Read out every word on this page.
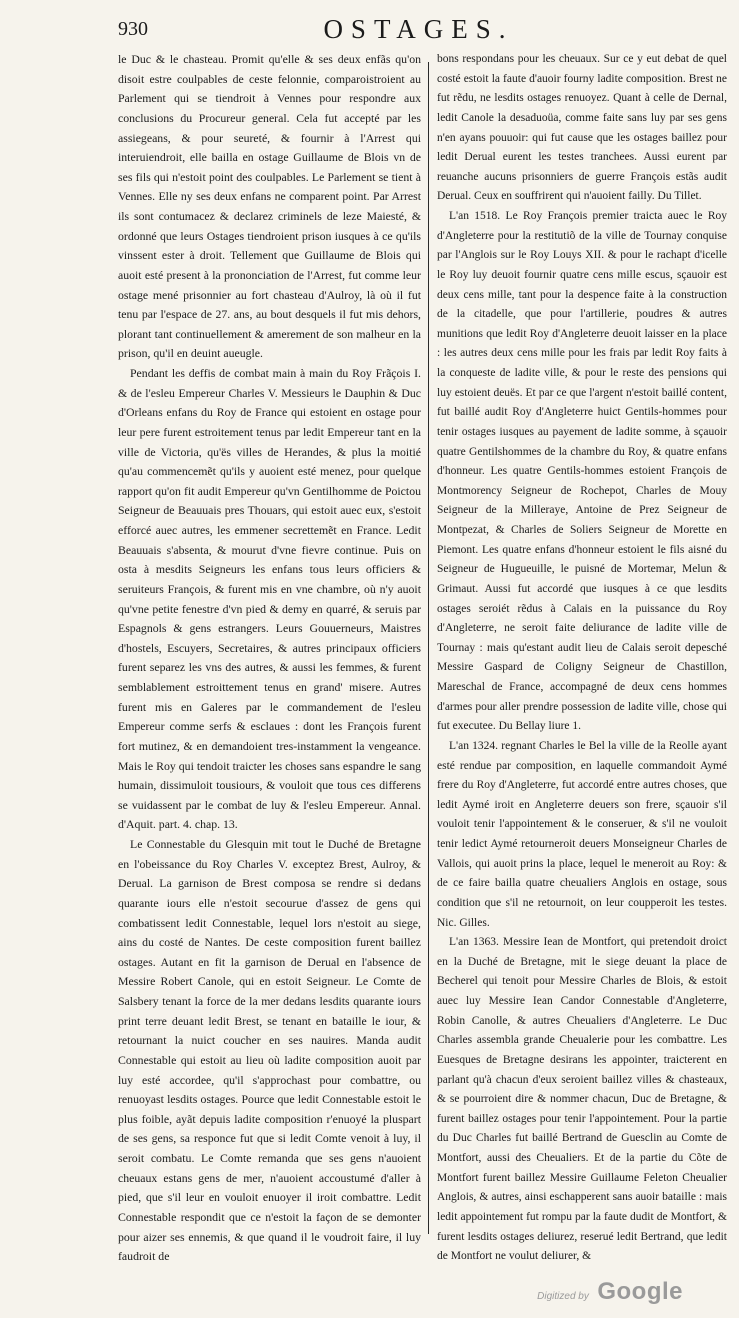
930	OSTAGES.

le Duc & le chasteau. Promit qu'elle & ses deux enfãs qu'on disoit estre coulpables de ceste felonnie, comparoistroient au Parlement qui se tiendroit à Vennes pour respondre aux conclusions du Procureur general. Cela fut accepté par les assiegeans, & pour seureté, & fournir à l'Arrest qui interuiendroit, elle bailla en ostage Guillaume de Blois vn de ses fils qui n'estoit point des coulpables. Le Parlement se tient à Vennes. Elle ny ses deux enfans ne comparent point. Par Arrest ils sont contumacez & declarez criminels de leze Maiesté, & ordonné que leurs Ostages tiendroient prison iusques à ce qu'ils vinssent ester à droit. Tellement que Guillaume de Blois qui auoit esté present à la prononciation de l'Arrest, fut comme leur ostage mené prisonnier au fort chasteau d'Aulroy, là où il fut tenu par l'espace de 27. ans, au bout desquels il fut mis dehors, plorant tant continuellement & amerement de son malheur en la prison, qu'il en deuint aueugle.

Pendant les deffis de combat main à main du Roy Frãçois I. & de l'esleu Empereur Charles V. Messieurs le Dauphin & Duc d'Orleans enfans du Roy de France qui estoient en ostage pour leur pere furent estroitement tenus par ledit Empereur tant en la ville de Victoria, qu'ës villes de Herandes, & plus la moitié qu'au commencemẽt qu'ils y auoient esté menez, pour quelque rapport qu'on fit audit Empereur qu'vn Gentilhomme de Poictou Seigneur de Beauuais pres Thouars, qui estoit auec eux, s'estoit efforcé auec autres, les emmener secrettemẽt en France. Ledit Beauuais s'absenta, & mourut d'vne fievre continue. Puis on osta à mesdits Seigneurs les enfans tous leurs officiers & seruiteurs François, & furent mis en vne chambre, où n'y auoit qu'vne petite fenestre d'vn pied & demy en quarré, & seruis par Espagnols & gens estrangers. Leurs Gouuerneurs, Maistres d'hostels, Escuyers, Secretaires, & autres principaux officiers furent separez les vns des autres, & aussi les femmes, & furent semblablement estroittement tenus en grand' misere. Autres furent mis en Galeres par le commandement de l'esleu Empereur comme serfs & esclaues : dont les François furent fort mutinez, & en demandoient tres-instamment la vengeance. Mais le Roy qui tendoit traicter les choses sans espandre le sang humain, dissimuloit tousiours, & vouloit que tous ces differens se vuidassent par le combat de luy & l'esleu Empereur. Annal. d'Aquit. part. 4. chap. 13.

Le Connestable du Glesquin mit tout le Duché de Bretagne en l'obeissance du Roy Charles V. exceptez Brest, Aulroy, & Derual. La garnison de Brest composa se rendre si dedans quarante iours elle n'estoit secourue d'assez de gens qui combatissent ledit Connestable, lequel lors n'estoit au siege, ains du costé de Nantes. De ceste composition furent baillez ostages. Autant en fit la garnison de Derual en l'absence de Messire Robert Canole, qui en estoit Seigneur. Le Comte de Salsbery tenant la force de la mer dedans lesdits quarante iours print terre deuant ledit Brest, se tenant en bataille le iour, & retournant la nuict coucher en ses nauires. Manda audit Connestable qui estoit au lieu où ladite composition auoit par luy esté accordee, qu'il s'approchast pour combattre, ou renuoyast lesdits ostages. Pource que ledit Connestable estoit le plus foible, ayãt depuis ladite composition r'enuoyé la pluspart de ses gens, sa responce fut que si ledit Comte venoit à luy, il seroit combatu. Le Comte remanda que ses gens n'auoient cheuaux estans gens de mer, n'auoient accoustumé d'aller à pied, que s'il leur en vouloit enuoyer il iroit combattre. Ledit Connestable respondit que ce n'estoit la façon de se demonter pour aizer ses ennemis, & que quand il le voudroit faire, il luy faudroit de

bons respondans pour les cheuaux. Sur ce y eut debat de quel costé estoit la faute d'auoir fourny ladite composition. Brest ne fut rẽdu, ne lesdits ostages renuoyez. Quant à celle de Dernal, ledit Canole la desaduoüa, comme faite sans luy par ses gens n'en ayans pouuoir: qui fut cause que les ostages baillez pour ledit Derual eurent les testes tranchees. Aussi eurent par reuanche aucuns prisonniers de guerre François estãs audit Derual. Ceux en souffrirent qui n'auoient failly. Du Tillet.

L'an 1518. Le Roy François premier traicta auec le Roy d'Angleterre pour la restitutiõ de la ville de Tournay conquise par l'Anglois sur le Roy Louys XII. & pour le rachapt d'icelle le Roy luy deuoit fournir quatre cens mille escus, sçauoir est deux cens mille, tant pour la despence faite à la construction de la citadelle, que pour l'artillerie, poudres & autres munitions que ledit Roy d'Angleterre deuoit laisser en la place : les autres deux cens mille pour les frais par ledit Roy faits à la conqueste de ladite ville, & pour le reste des pensions qui luy estoient deuës. Et par ce que l'argent n'estoit baillé content, fut baillé audit Roy d'Angleterre huict Gentils-hommes pour tenir ostages iusques au payement de ladite somme, à sçauoir quatre Gentilshommes de la chambre du Roy, & quatre enfans d'honneur. Les quatre Gentils-hommes estoient François de Montmorency Seigneur de Rochepot, Charles de Mouy Seigneur de la Milleraye, Antoine de Prez Seigneur de Montpezat, & Charles de Soliers Seigneur de Morette en Piemont. Les quatre enfans d'honneur estoient le fils aisné du Seigneur de Hugueuille, le puisné de Mortemar, Melun & Grimaut. Aussi fut accordé que iusques à ce que lesdits ostages seroiét rẽdus à Calais en la puissance du Roy d'Angleterre, ne seroit faite deliurance de ladite ville de Tournay : mais qu'estant audit lieu de Calais seroit depesché Messire Gaspard de Coligny Seigneur de Chastillon, Mareschal de France, accompagné de deux cens hommes d'armes pour aller prendre possession de ladite ville, chose qui fut executee. Du Bellay liure 1.

L'an 1324. regnant Charles le Bel la ville de la Reolle ayant esté rendue par composition, en laquelle commandoit Aymé frere du Roy d'Angleterre, fut accordé entre autres choses, que ledit Aymé iroit en Angleterre deuers son frere, sçauoir s'il vouloit tenir l'appointement & le conseruer, & s'il ne vouloit tenir ledict Aymé retourneroit deuers Monseigneur Charles de Vallois, qui auoit prins la place, lequel le meneroit au Roy: & de ce faire bailla quatre cheualiers Anglois en ostage, sous condition que s'il ne retournoit, on leur coupperoit les testes. Nic. Gilles.

L'an 1363. Messire Iean de Montfort, qui pretendoit droict en la Duché de Bretagne, mit le siege deuant la place de Becherel qui tenoit pour Messire Charles de Blois, & estoit auec luy Messire Iean Candor Connestable d'Angleterre, Robin Canolle, & autres Cheualiers d'Angleterre. Le Duc Charles assembla grande Cheualerie pour les combattre. Les Euesques de Bretagne desirans les appointer, traicterent en parlant qu'à chacun d'eux seroient baillez villes & chasteaux, & se pourroient dire & nommer chacun, Duc de Bretagne, & furent baillez ostages pour tenir l'appointement. Pour la partie du Duc Charles fut baillé Bertrand de Guesclin au Comte de Montfort, aussi des Cheualiers. Et de la partie du Cõte de Montfort furent baillez Messire Guillaume Feleton Cheualier Anglois, & autres, ainsi eschapperent sans auoir bataille : mais ledit appointement fut rompu par la faute dudit de Montfort, & furent lesdits ostages deliurez, reserué ledit Bertrand, que ledit de Montfort ne voulut deliurer, &

Digitized by Google
